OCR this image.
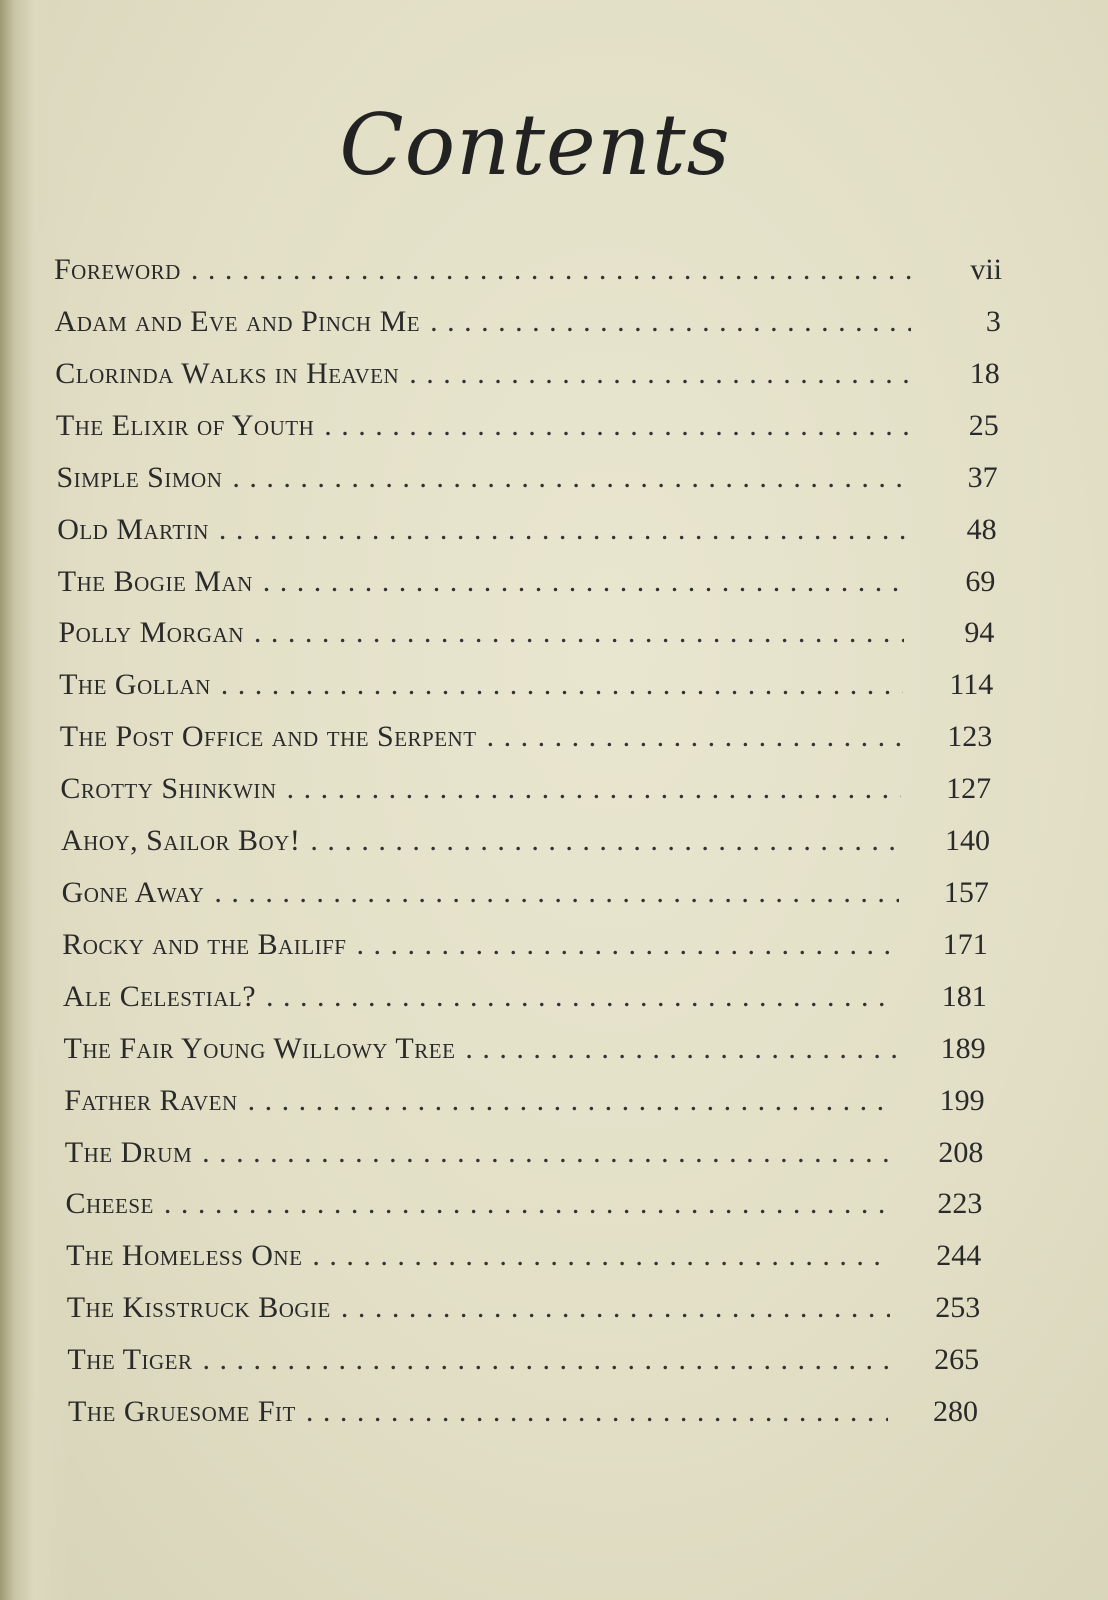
Contents
Foreword . . .	vii
Adam and Eve and Pinch Me . . .	3
Clorinda Walks in Heaven . . .	18
The Elixir of Youth . . .	25
Simple Simon . . .	37
Old Martin . . .	48
The Bogie Man . . .	69
Polly Morgan . . .	94
The Gollan . . .	114
The Post Office and the Serpent . . .	123
Crotty Shinkwin . . .	127
Ahoy, Sailor Boy! . . .	140
Gone Away . . .	157
Rocky and the Bailiff . . .	171
Ale Celestial? . . .	181
The Fair Young Willowy Tree . . .	189
Father Raven . . .	199
The Drum . . .	208
Cheese . . .	223
The Homeless One . . .	244
The Kisstruck Bogie . . .	253
The Tiger . . .	265
The Gruesome Fit . . .	280
